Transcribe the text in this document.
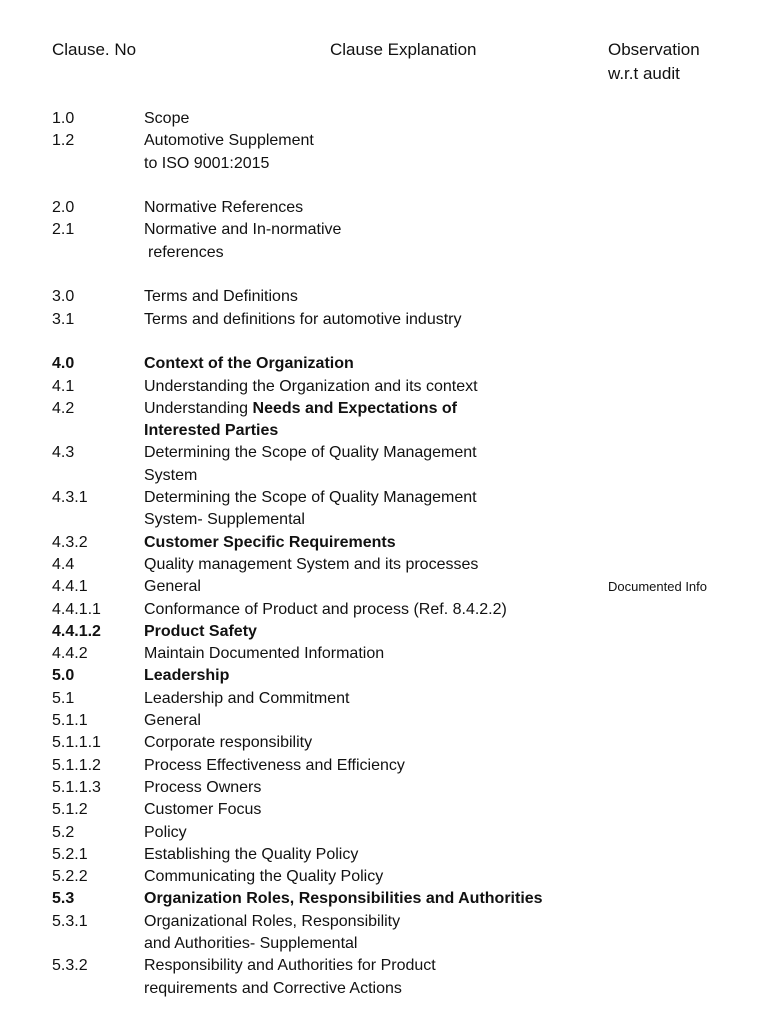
Clause. No	Clause Explanation	Observation
w.r.t audit
1.0	Scope
1.2	Automotive Supplement
to ISO 9001:2015
2.0	Normative References
2.1	Normative and In-normative
references
3.0	Terms and Definitions
3.1	Terms and definitions for automotive industry
4.0	Context of the Organization
4.1	Understanding the Organization and its context
4.2	Understanding Needs and Expectations of
Interested Parties
4.3	Determining the Scope of Quality Management
System
4.3.1	Determining the Scope of Quality Management
System- Supplemental
4.3.2	Customer Specific Requirements
4.4	Quality management System and its processes
4.4.1	General	Documented Info
4.4.1.1	Conformance of Product and process (Ref. 8.4.2.2)
4.4.1.2	Product Safety
4.4.2	Maintain Documented Information
5.0	Leadership
5.1	Leadership and Commitment
5.1.1	General
5.1.1.1	Corporate responsibility
5.1.1.2	Process Effectiveness and Efficiency
5.1.1.3	Process Owners
5.1.2	Customer Focus
5.2	Policy
5.2.1	Establishing the Quality Policy
5.2.2	Communicating the Quality Policy
5.3	Organization Roles, Responsibilities and Authorities
5.3.1	Organizational Roles, Responsibility
and Authorities- Supplemental
5.3.2	Responsibility and Authorities for Product
requirements and Corrective Actions
